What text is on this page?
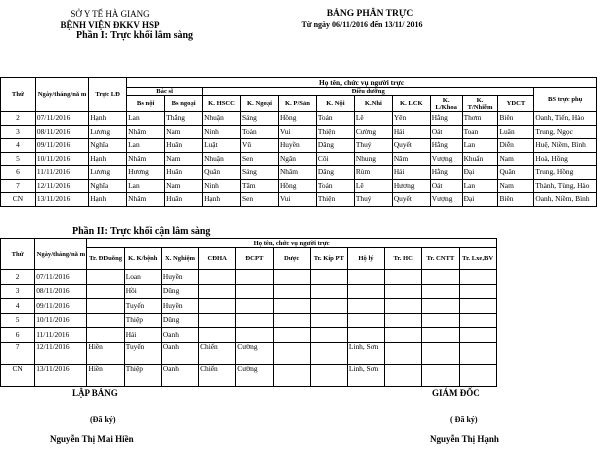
SỞ Y TẾ HÀ GIANG
BỆNH VIỆN ĐKKV HSP
BẢNG PHÂN TRỰC
Từ ngày 06/11/2016 đến 13/11/ 2016
Phần I: Trực khối lâm sàng
Thứ	Ngày/tháng/nă m	Trực LĐ	Họ tên, chức vụ người trực											
			Bác sĩ		Điều dưỡng									BS trực phụ
			Bs nội	Bs ngoại	K. HSCC	K. Ngoại	K. P/Sản	K. Nội	K.Nhi	K. LCK	K. L/Khoa	K. T/Nhiễm	YDCT	
2	07/11/2016	Hạnh	Lan	Thắng	Nhuận	Sáng	Hồng	Toán	Lê	Yên	Hằng	Thơm	Biên	Oanh, Tiến, Hào
3	08/11/2016	Lương	Nhâm	Nam	Ninh	Toàn	Vui	Thiện	Cường	Hải	Oát	Toan	Luân	Trung, Ngọc
4	09/11/2016	Nghĩa	Lan	Huân	Luật	Vũ	Huyền	Dâng	Thuý	Quyết	Hằng	Lan	Diễn	Huệ, Niềm, Bình
5	10/11/2016	Hạnh	Nhâm	Nam	Nhuận	Sen	Ngân	Côi	Nhung	Năm	Vượng	Khuẩn	Nam	Hoà, Hồng
6	11/11/2016	Lương	Hương	Huân	Quân	Sáng	Nhâm	Dâng	Rùm	Hải	Hằng	Đại	Quân	Trung, Hồng
7	12/11/2016	Nghĩa	Lan	Nam	Ninh	Tâm	Hồng	Toán	Lê	Hương	Oát	Lan	Nam	Thành, Tùng, Hào
CN	13/11/2016	Hạnh	Nhâm	Huân	Hạnh	Sen	Vui	Thiện	Thuý	Quyết	Vượng	Đại	Biên	Oanh, Niềm, Bình
Phần II: Trực khối cận lâm sàng
Thứ	Ngày/tháng/nă m	Họ tên, chức vụ người trực											
		Tr. ĐDuõng	K. K/bệnh	X. Nghiệm	CĐHA	ĐCPT	Dược	Tr. Kíp PT	Hộ lý	Tr. HC	Tr. CNTT	Tr. Lxe,BV	
2	07/11/2016		Loan	Huyền									
3	08/11/2016		Hồi	Dũng									
4	09/11/2016		Tuyến	Huyền									
5	10/11/2016		Thiệp	Dũng									
6	11/11/2016		Hải	Oanh									
7	12/11/2016	Hiền	Tuyến	Oanh	Chiến	Cường			Linh, Sơn				
CN	13/11/2016	Hiền	Thiệp	Oanh	Chiến	Cường			Linh, Sơn				
LẬP BẢNG
(Đã ký)
Nguyễn Thị Mai Hiền
GIÁM ĐỐC
( Đã ký)
Nguyễn Thị Hạnh
